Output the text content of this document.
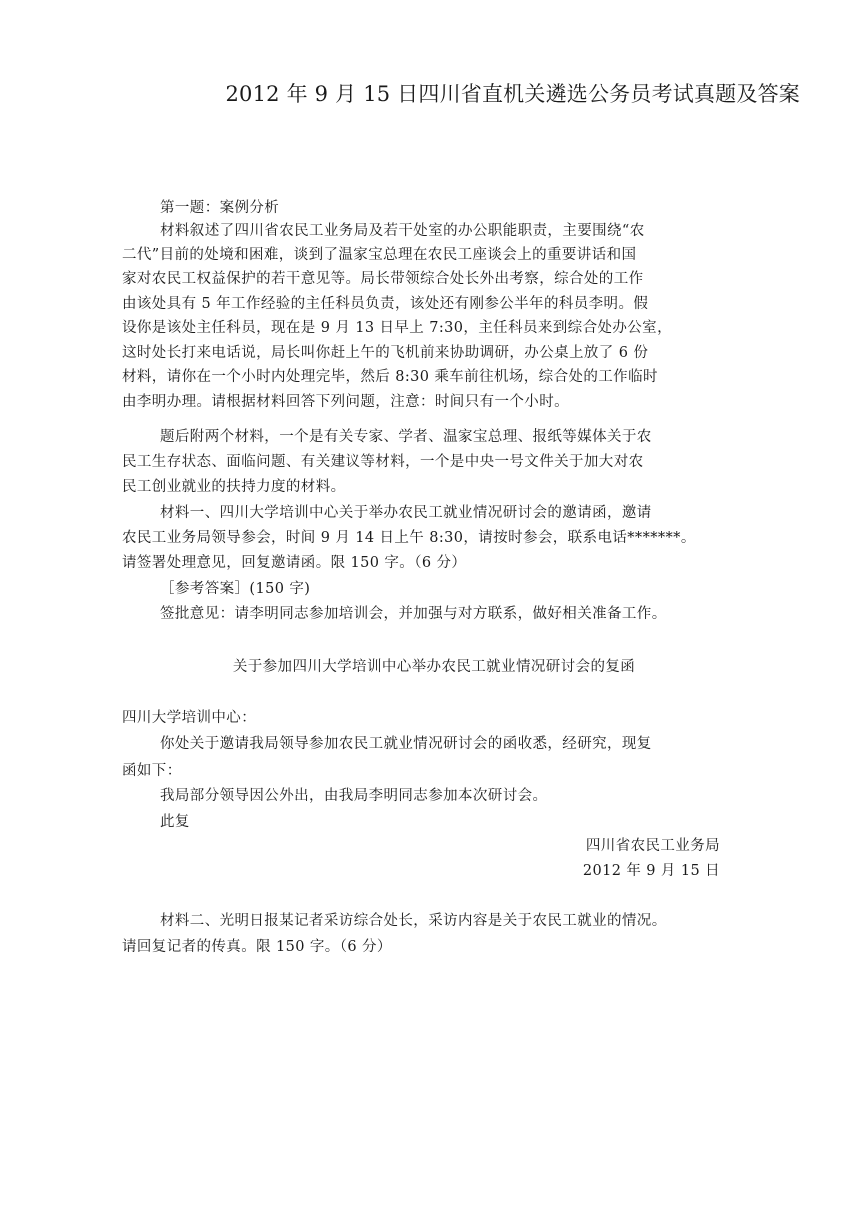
2012 年 9 月 15 日四川省直机关遴选公务员考试真题及答案
第一题：案例分析
材料叙述了四川省农民工业务局及若干处室的办公职能职责，主要围绕“农
二代”目前的处境和困难，谈到了温家宝总理在农民工座谈会上的重要讲话和国
家对农民工权益保护的若干意见等。局长带领综合处长外出考察，综合处的工作
由该处具有 5 年工作经验的主任科员负责，该处还有刚参公半年的科员李明。假
设你是该处主任科员，现在是 9 月 13 日早上 7:30，主任科员来到综合处办公室，
这时处长打来电话说，局长叫你赶上午的飞机前来协助调研，办公桌上放了 6 份
材料，请你在一个小时内处理完毕，然后 8:30 乘车前往机场，综合处的工作临时
由李明办理。请根据材料回答下列问题，注意：时间只有一个小时。
题后附两个材料，一个是有关专家、学者、温家宝总理、报纸等媒体关于农
民工生存状态、面临问题、有关建议等材料，一个是中央一号文件关于加大对农
民工创业就业的扶持力度的材料。
材料一、四川大学培训中心关于举办农民工就业情况研讨会的邀请函，邀请
农民工业务局领导参会，时间 9 月 14 日上午 8:30，请按时参会，联系电话*******。
请签署处理意见，回复邀请函。限 150 字。（6 分）
［参考答案］(150 字)
签批意见：请李明同志参加培训会，并加强与对方联系，做好相关准备工作。
关于参加四川大学培训中心举办农民工就业情况研讨会的复函
四川大学培训中心：
你处关于邀请我局领导参加农民工就业情况研讨会的函收悉，经研究，现复
函如下：
我局部分领导因公外出，由我局李明同志参加本次研讨会。
此复
四川省农民工业务局
2012 年 9 月 15 日
材料二、光明日报某记者采访综合处长，采访内容是关于农民工就业的情况。
请回复记者的传真。限 150 字。（6 分）
